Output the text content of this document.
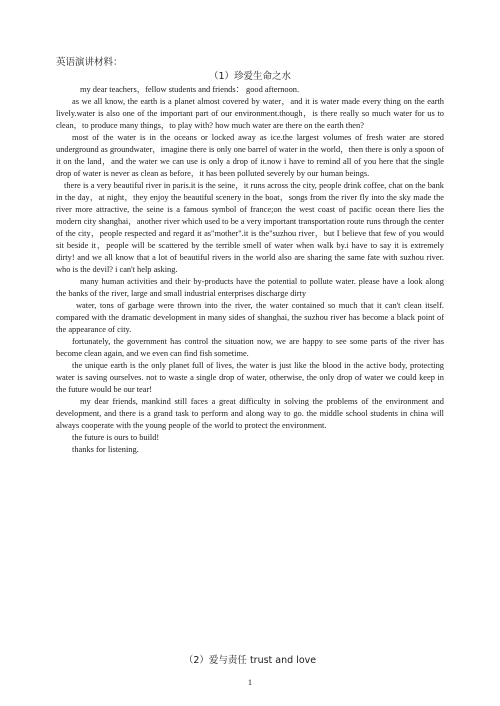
英语演讲材料：
（1）珍爱生命之水

my dear teachers，fellow students and friends： good afternoon.

as we all know, the earth is a planet almost covered by water，and it is water made every thing on the earth lively.water is also one of the important part of our environment.though，is there really so much water for us to clean，to produce many things，to play with? how much water are there on the earth then?

most of the water is in the oceans or locked away as ice.the largest volumes of fresh water are stored underground as groundwater，imagine there is only one barrel of water in the world，then there is only a spoon of it on the land，and the water we can use is only a drop of it.now i have to remind all of you here that the single drop of water is never as clean as before，it has been polluted severely by our human beings.

there is a very beautiful river in paris.it is the seine，it runs across the city, people drink coffee, chat on the bank in the day，at night，they enjoy the beautiful scenery in the boat，songs from the river fly into the sky made the river more attractive, the seine is a famous symbol of france;on the west coast of pacific ocean there lies the modern city shanghai，another river which used to be a very important transportation route runs through the center of the city，people respected and regard it as"mother".it is the"suzhou river，but I believe that few of you would sit beside it，people will be scattered by the terrible smell of water when walk by.i have to say it is extremely dirty! and we all know that a lot of beautiful rivers in the world also are sharing the same fate with suzhou river. who is the devil? i can't help asking.

many human activities and their by-products have the potential to pollute water. please have a look along the banks of the river, large and small industrial enterprises discharge dirty

water, tons of garbage were thrown into the river, the water contained so much that it can't clean itself. compared with the dramatic development in many sides of shanghai, the suzhou river has become a black point of the appearance of city.

fortunately, the government has control the situation now, we are happy to see some parts of the river has become clean again, and we even can find fish sometime.

the unique earth is the only planet full of lives, the water is just like the blood in the active body, protecting water is saving ourselves. not to waste a single drop of water, otherwise, the only drop of water we could keep in the future would be our tear!

my dear friends, mankind still faces a great difficulty in solving the problems of the environment and development, and there is a grand task to perform and along way to go. the middle school students in china will always cooperate with the young people of the world to protect the environment.

the future is ours to build!

thanks for listening.

（2）爱与责任 trust and love
1
